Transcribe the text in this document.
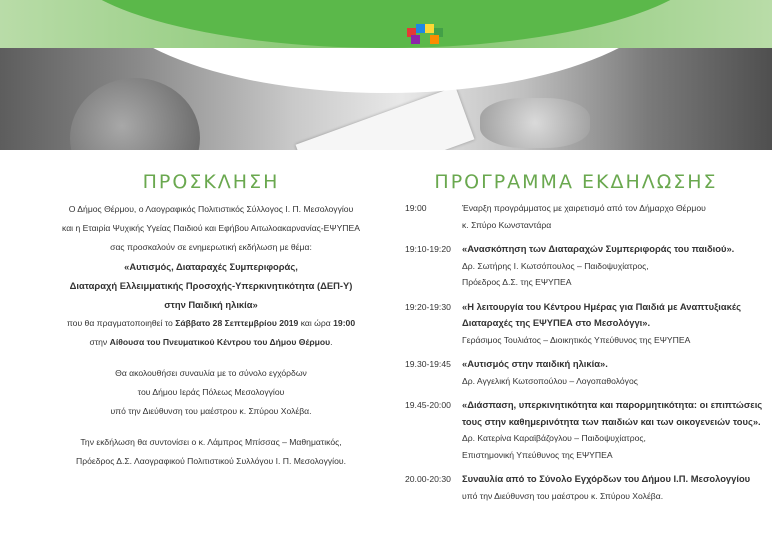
ΠΡΟΣΚΛΗΣΗ
Ο Δήμος Θέρμου, ο Λαογραφικός Πολιτιστικός Σύλλογος Ι. Π. Μεσολογγίου
και η Εταιρία Ψυχικής Υγείας Παιδιού και Εφήβου Αιτωλοακαρνανίας-ΕΨΥΠΕΑ
σας προσκαλούν σε ενημερωτική εκδήλωση με θέμα:
«Αυτισμός, Διαταραχές Συμπεριφοράς,
Διαταραχή Ελλειμματικής Προσοχής-Υπερκινητικότητα (ΔΕΠ-Υ)
στην Παιδική ηλικία»
που θα πραγματοποιηθεί το Σάββατο 28 Σεπτεμβρίου 2019 και ώρα 19:00
στην Αίθουσα του Πνευματικού Κέντρου του Δήμου Θέρμου.
Θα ακολουθήσει συναυλία με το σύνολο εγχόρδων
του Δήμου Ιεράς Πόλεως Μεσολογγίου
υπό την Διεύθυνση του μαέστρου κ. Σπύρου Χολέβα.
Την εκδήλωση θα συντονίσει ο κ. Λάμπρος Μπίσσας – Μαθηματικός,
Πρόεδρος Δ.Σ. Λαογραφικού Πολιτιστικού Συλλόγου Ι. Π. Μεσολογγίου.
ΠΡΟΓΡΑΜΜΑ ΕΚΔΗΛΩΣΗΣ
19:00	Έναρξη προγράμματος με χαιρετισμό από τον Δήμαρχο Θέρμου
κ. Σπύρο Κωνσταντάρα
19:10-19:20	«Ανασκόπηση των Διαταραχών Συμπεριφοράς του παιδιού».
Δρ. Σωτήρης Ι. Κωτσόπουλος – Παιδοψυχίατρος,
Πρόεδρος Δ.Σ. της ΕΨΥΠΕΑ
19:20-19:30	«Η λειτουργία του Κέντρου Ημέρας για Παιδιά με Αναπτυξιακές
Διαταραχές της ΕΨΥΠΕΑ στο Μεσολόγγι».
Γεράσιμος Τουλιάτος – Διοικητικός Υπεύθυνος της ΕΨΥΠΕΑ
19.30-19:45	«Αυτισμός στην παιδική ηλικία».
Δρ. Αγγελική Κωτσοπούλου – Λογοπαθολόγος
19.45-20:00	«Διάσπαση, υπερκινητικότητα και παρορμητικότητα: οι επιπτώσεις
τους στην καθημερινότητα των παιδιών και των οικογενειών τους».
Δρ. Κατερίνα Καραϊβάζογλου – Παιδοψυχίατρος,
Επιστημονική Υπεύθυνος της ΕΨΥΠΕΑ
20.00-20:30	Συναυλία από το Σύνολο Εγχόρδων του Δήμου Ι.Π. Μεσολογγίου
υπό την Διεύθυνση του μαέστρου κ. Σπύρου Χολέβα.
